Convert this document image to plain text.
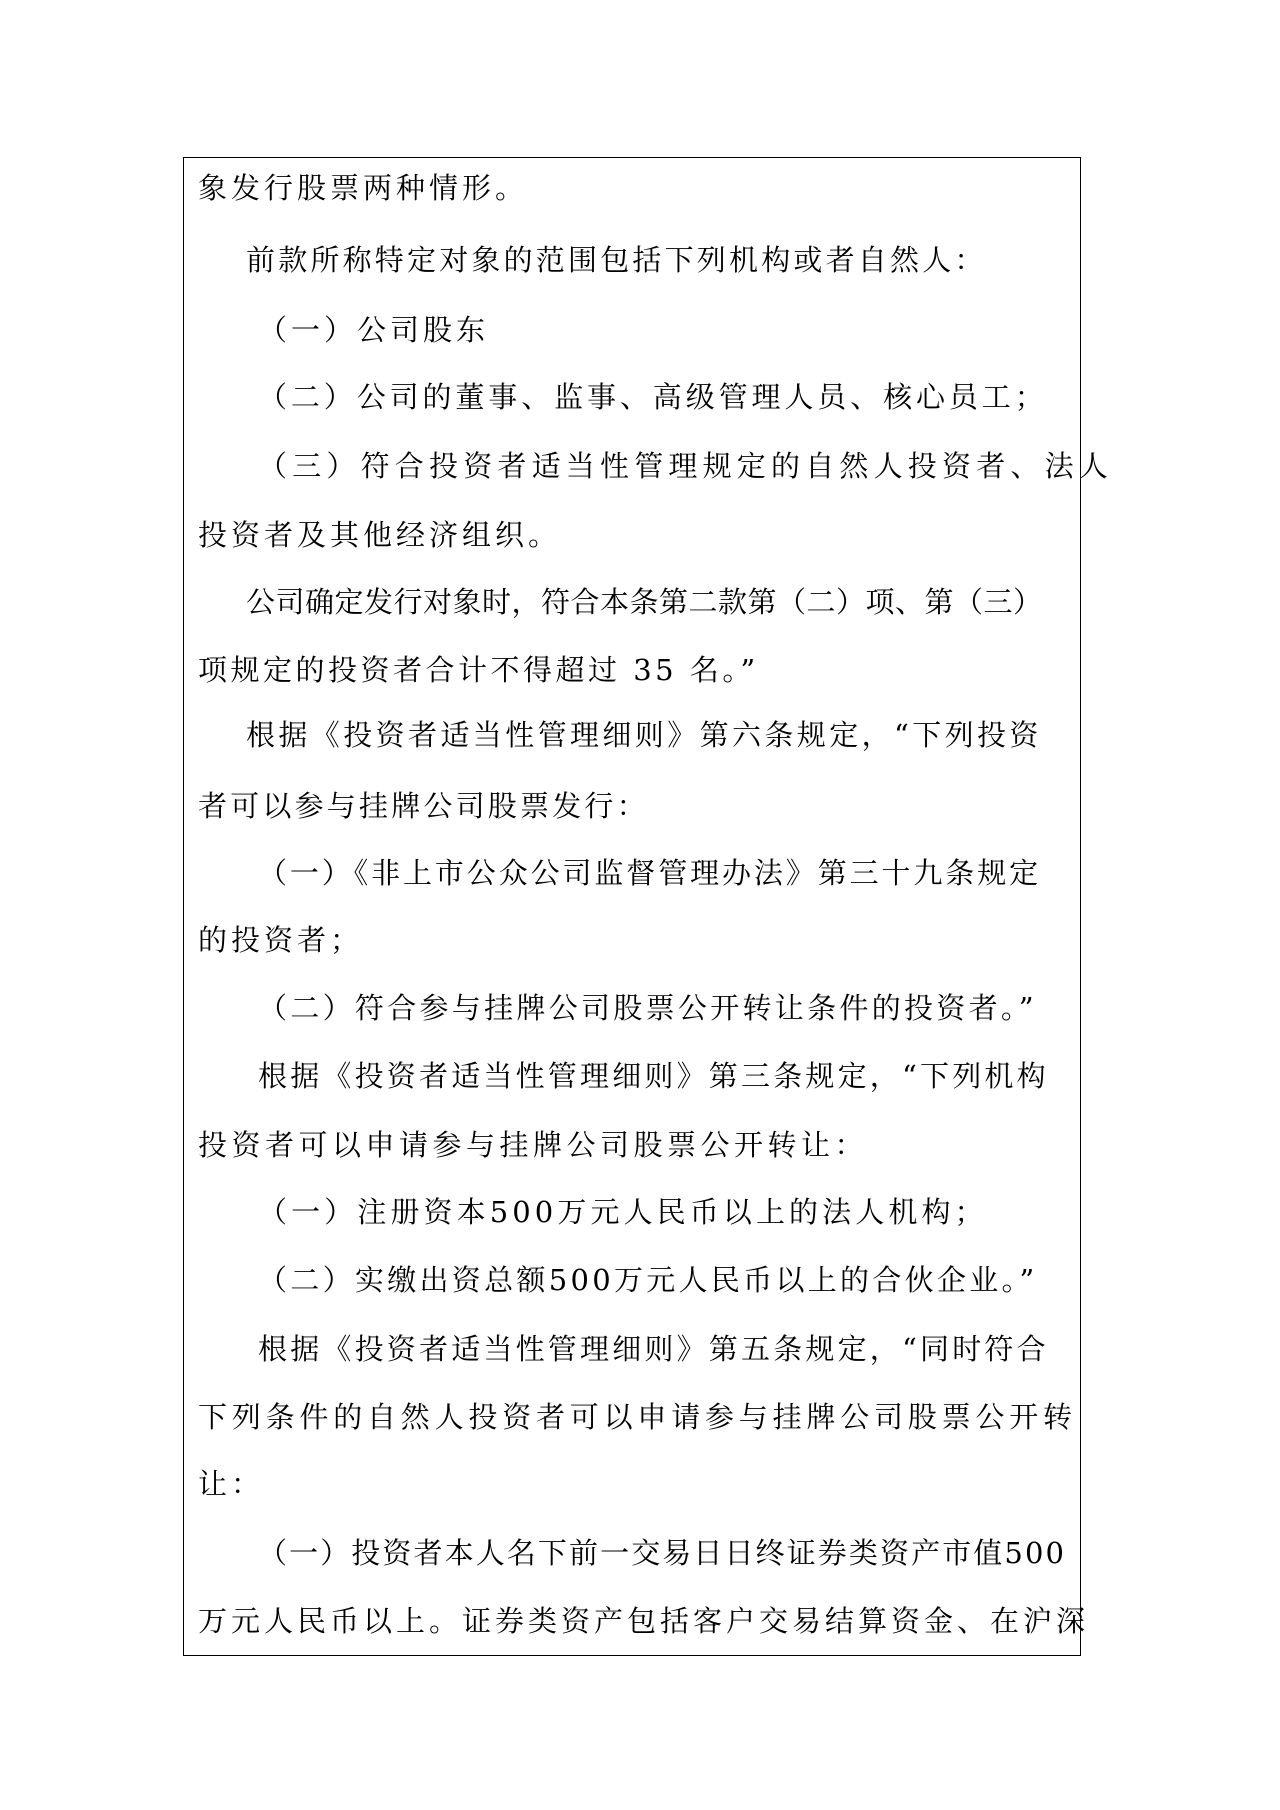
象发行股票两种情形。
前款所称特定对象的范围包括下列机构或者自然人：
（一）公司股东
（二）公司的董事、监事、高级管理人员、核心员工；
（三）符合投资者适当性管理规定的自然人投资者、法人
投资者及其他经济组织。
公司确定发行对象时，符合本条第二款第（二）项、第（三）
项规定的投资者合计不得超过 35 名。”
根据《投资者适当性管理细则》第六条规定，“下列投资
者可以参与挂牌公司股票发行：
（一）《非上市公众公司监督管理办法》第三十九条规定
的投资者；
（二）符合参与挂牌公司股票公开转让条件的投资者。”
根据《投资者适当性管理细则》第三条规定，“下列机构
投资者可以申请参与挂牌公司股票公开转让：
（一）注册资本500万元人民币以上的法人机构；
（二）实缴出资总额500万元人民币以上的合伙企业。”
根据《投资者适当性管理细则》第五条规定，“同时符合
下列条件的自然人投资者可以申请参与挂牌公司股票公开转
让：
（一）投资者本人名下前一交易日日终证券类资产市值500
万元人民币以上。证券类资产包括客户交易结算资金、在沪深
